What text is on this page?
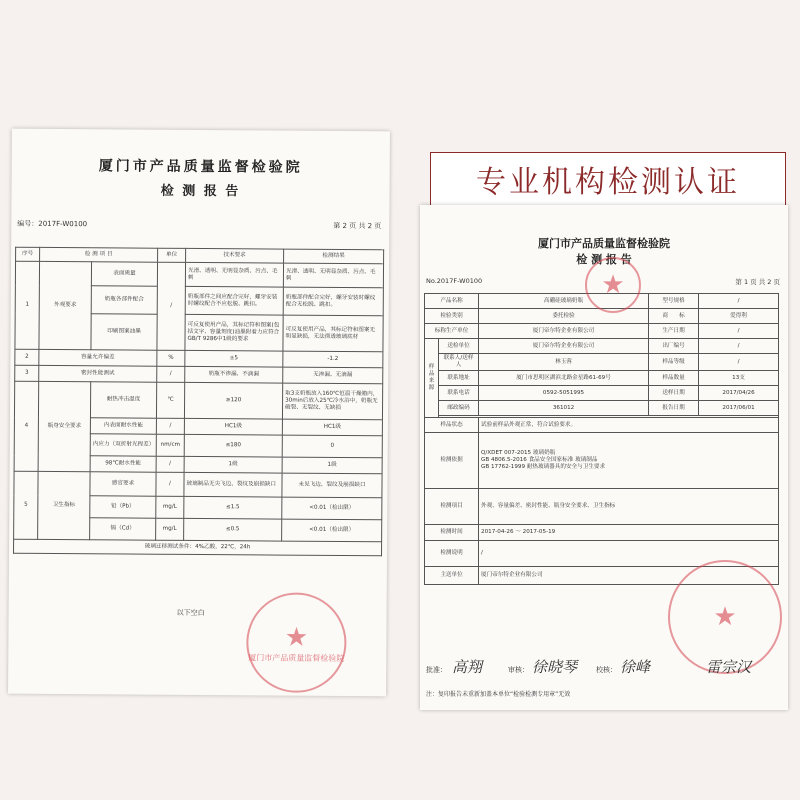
专业机构检测认证
厦门市产品质量监督检验院
检 测 报 告
编号：2017F-W0100	第 2 页 共 2 页
序号	检 测 项 目		单位	技术要求	检测结果
1	外观要求	表面质量	/	光滑、透明、无明显杂质、污点、毛刺	光滑、透明、无明显杂质、污点、毛刺
		奶瓶各部件配合		奶瓶部件之间应配合完好，螺牙安装时螺纹配合不应松脱、跳扣。	奶瓶部件配合完好，螺牙安装时螺纹配合无松脱、跳扣。
		印刷图案油墨		可反复使用产品，其标记符和图案(包括文字、容量刻度)油墨附着力应符合GB/T 9286中1级的要求	可反复使用产品，其标记符和图案无明显缺损，无法彻透玻璃底材
2	容量允许偏差		%	±5	-1.2
3	密封性能测试		/	奶瓶不渗漏、不滴漏	无渗漏、无滴漏
4	瓶身安全要求	耐热冲击温度	℃	≥120	取3支奶瓶放入160℃恒温干燥箱内，30min后放入25℃冷水浴中，奶瓶无破裂、无裂纹、无缺损
		内表面耐水性能	/	HC1级	HC1级
		内应力（双折射光程差）	nm/cm	≤180	0
		98℃耐水性能	/	1级	1级
5	卫生指标	感官要求	/	玻璃制品无尖飞边、裂纹及崩损缺口	未见飞边、裂纹及崩损缺口
		铅（Pb）	mg/L	≤1.5	<0.01（检出限）
		镉（Cd）	mg/L	≤0.5	<0.01（检出限）
玻璃迁移测试条件：4%乙酸，22℃，24h					
以下空白
★
厦门市产品质量监督检验院
厦门市产品质量监督检验院
检 测 报 告
No.2017F-W0100	第 1 页 共 2 页
产品名称		高硼硅玻璃奶瓶	型号规格	/
检验类别		委托检验	商　　标	爱得利
标称生产单位		厦门帝尔特企业有限公司	生产日期	/
样品来源	送检单位	厦门帝尔特企业有限公司	出厂编号	/
	联系人/送样人	林玉蓉	样品等级	/
	联系地址	厦门市思明区湖滨北路金星路61-69号	样品数量	13支
	联系电话	0592-5051995	送样日期	2017/04/26
	邮政编码	361012	报告日期	2017/06/01

样品状态		试验前样品外观正常，符合试验要求。		
检测依据		Q/XDET 007-2015 玻璃奶瓶
GB 4806.5-2016 食品安全国家标准 玻璃制品
GB 17762-1999 耐热玻璃器具的安全与卫生要求		

检测项目		外观、容量偏差、密封性能、瓶身安全要求、卫生指标		
检测时间		2017-04-26 ～ 2017-05-19		
检测说明		/		
主送单位		厦门帝尔特企业有限公司		
★
★
批准： 高翔	审核： 徐晓琴	校核： 徐峰	雷宗汉
注：复印报告未重新加盖本单位“检验检测专用章”无效
